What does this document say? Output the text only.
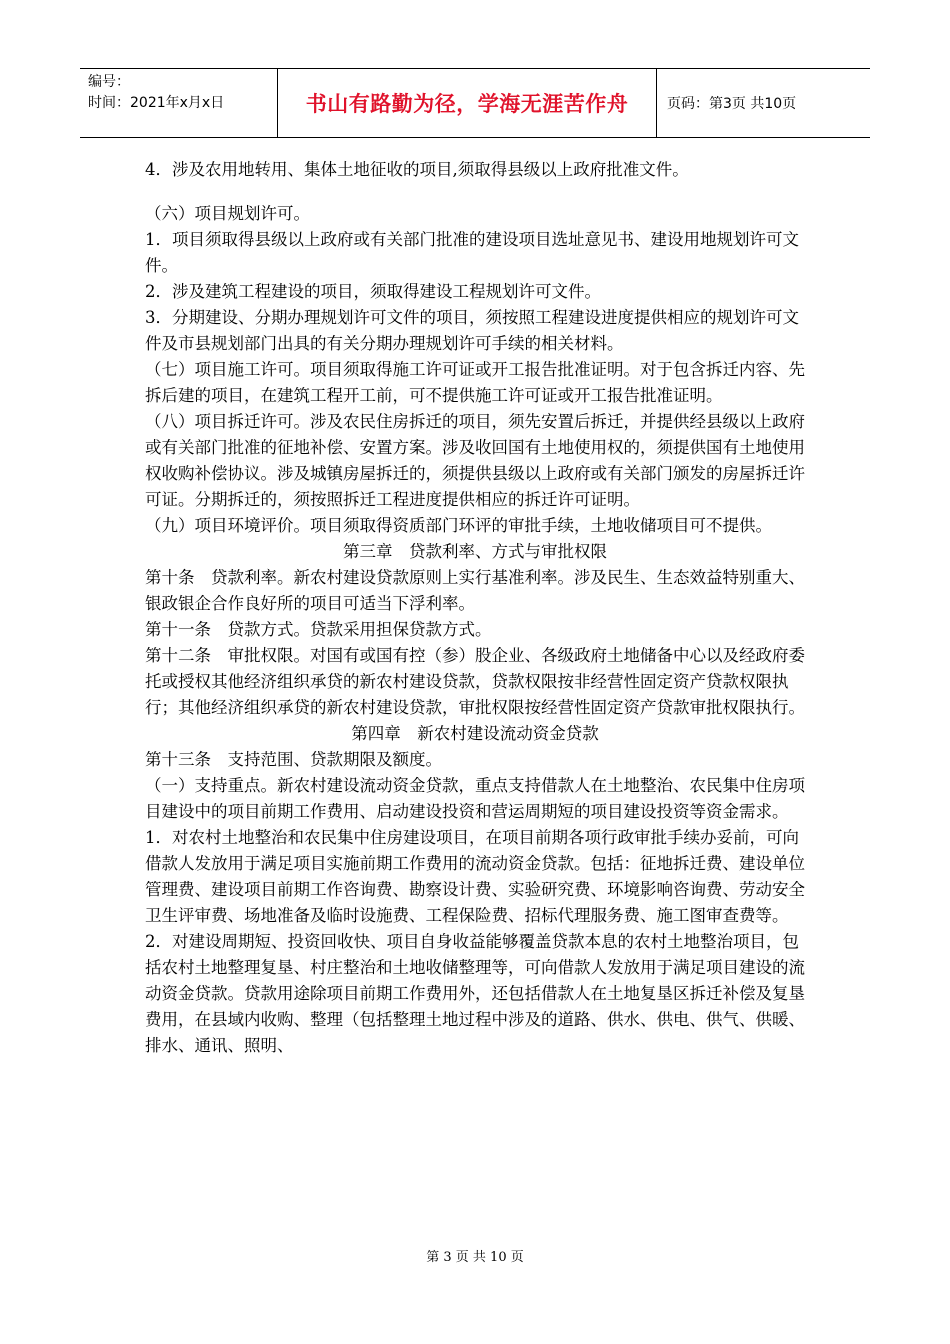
编号：
时间：2021年x月x日	书山有路勤为径，学海无涯苦作舟	页码：第3页 共10页

4．涉及农用地转用、集体土地征收的项目,须取得县级以上政府批准文件。

（六）项目规划许可。

1．项目须取得县级以上政府或有关部门批准的建设项目选址意见书、建设用地规划许可文件。

2．涉及建筑工程建设的项目，须取得建设工程规划许可文件。

3．分期建设、分期办理规划许可文件的项目，须按照工程建设进度提供相应的规划许可文件及市县规划部门出具的有关分期办理规划许可手续的相关材料。

（七）项目施工许可。项目须取得施工许可证或开工报告批准证明。对于包含拆迁内容、先拆后建的项目，在建筑工程开工前，可不提供施工许可证或开工报告批准证明。

（八）项目拆迁许可。涉及农民住房拆迁的项目，须先安置后拆迁，并提供经县级以上政府或有关部门批准的征地补偿、安置方案。涉及收回国有土地使用权的，须提供国有土地使用权收购补偿协议。涉及城镇房屋拆迁的，须提供县级以上政府或有关部门颁发的房屋拆迁许可证。分期拆迁的，须按照拆迁工程进度提供相应的拆迁许可证明。

（九）项目环境评价。项目须取得资质部门环评的审批手续，土地收储项目可不提供。

第三章　贷款利率、方式与审批权限

第十条　贷款利率。新农村建设贷款原则上实行基准利率。涉及民生、生态效益特别重大、银政银企合作良好所的项目可适当下浮利率。

第十一条　贷款方式。贷款采用担保贷款方式。

第十二条　审批权限。对国有或国有控（参）股企业、各级政府土地储备中心以及经政府委托或授权其他经济组织承贷的新农村建设贷款，贷款权限按非经营性固定资产贷款权限执行；其他经济组织承贷的新农村建设贷款，审批权限按经营性固定资产贷款审批权限执行。

第四章　新农村建设流动资金贷款

第十三条　支持范围、贷款期限及额度。

（一）支持重点。新农村建设流动资金贷款，重点支持借款人在土地整治、农民集中住房项目建设中的项目前期工作费用、启动建设投资和营运周期短的项目建设投资等资金需求。

1．对农村土地整治和农民集中住房建设项目，在项目前期各项行政审批手续办妥前，可向借款人发放用于满足项目实施前期工作费用的流动资金贷款。包括：征地拆迁费、建设单位管理费、建设项目前期工作咨询费、勘察设计费、实验研究费、环境影响咨询费、劳动安全卫生评审费、场地准备及临时设施费、工程保险费、招标代理服务费、施工图审查费等。

2．对建设周期短、投资回收快、项目自身收益能够覆盖贷款本息的农村土地整治项目，包括农村土地整理复垦、村庄整治和土地收储整理等，可向借款人发放用于满足项目建设的流动资金贷款。贷款用途除项目前期工作费用外，还包括借款人在土地复垦区拆迁补偿及复垦费用，在县域内收购、整理（包括整理土地过程中涉及的道路、供水、供电、供气、供暖、排水、通讯、照明、

第 3 页 共 10 页
